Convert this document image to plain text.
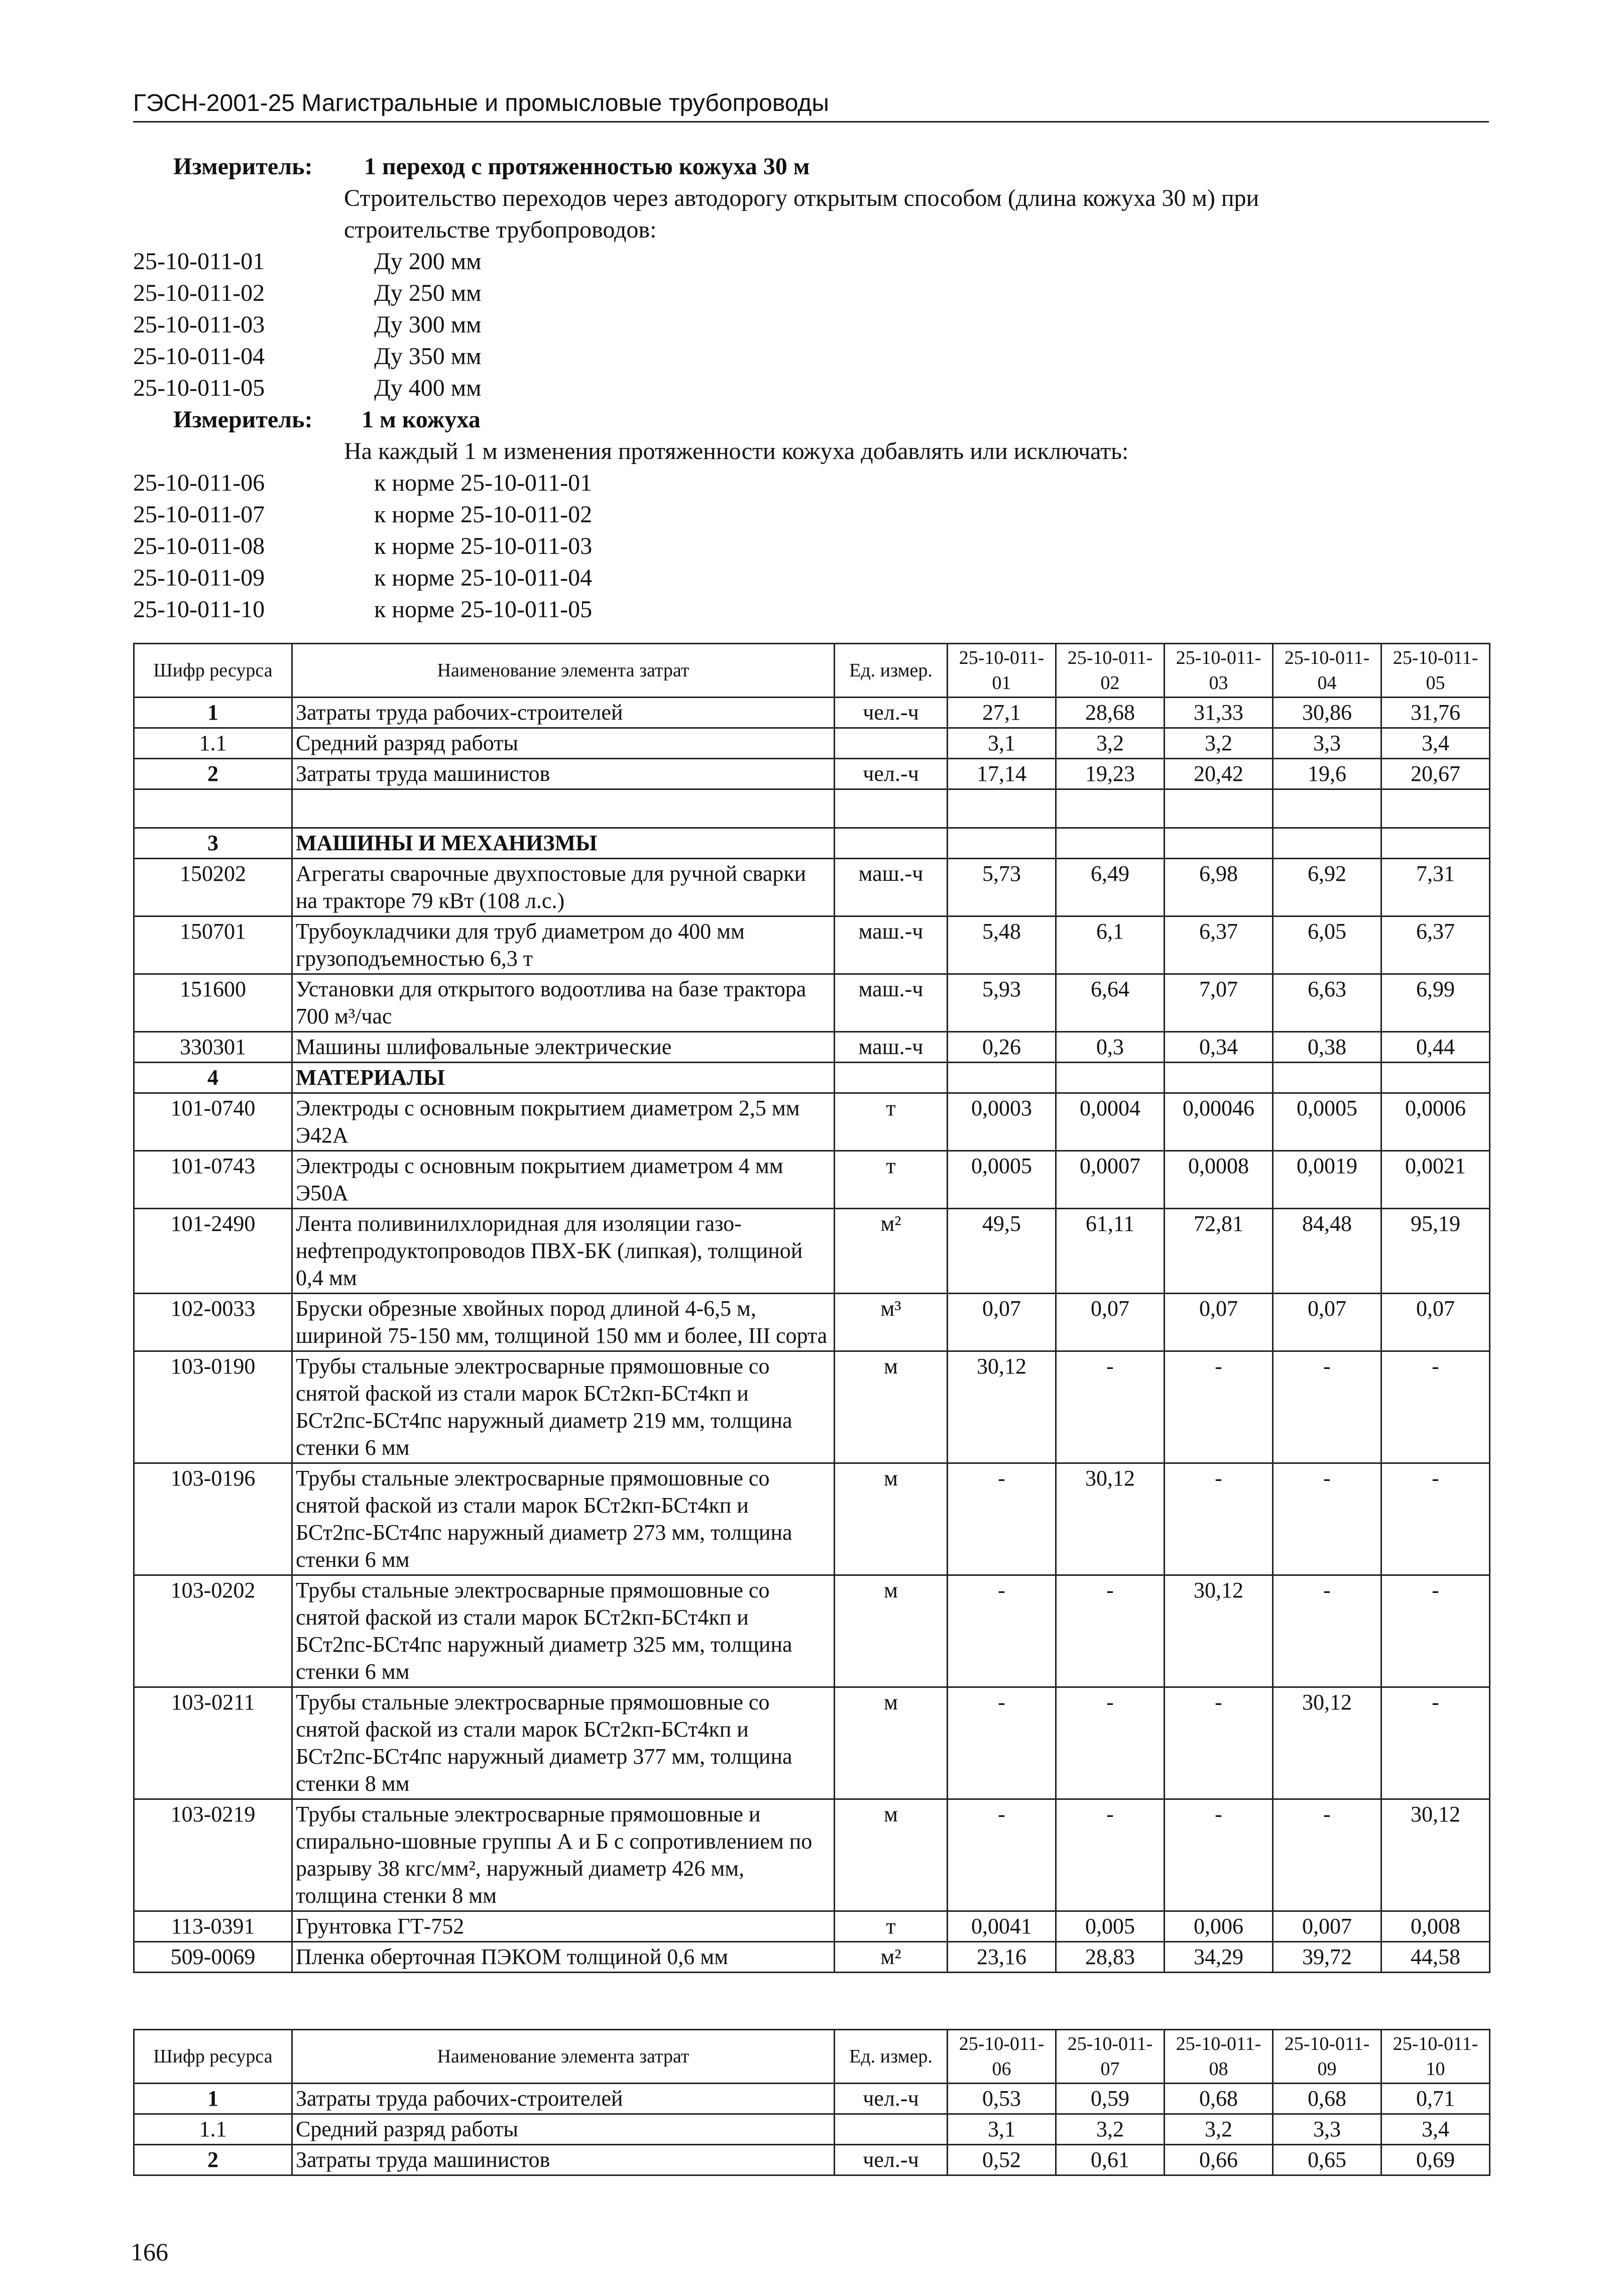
ГЭСН-2001-25 Магистральные и промысловые трубопроводы
Измеритель: 1 переход с протяженностью кожуха 30 м
Строительство переходов через автодорогу открытым способом (длина кожуха 30 м) при
строительстве трубопроводов:
25-10-011-01	Ду 200 мм
25-10-011-02	Ду 250 мм
25-10-011-03	Ду 300 мм
25-10-011-04	Ду 350 мм
25-10-011-05	Ду 400 мм
Измеритель: 1 м кожуха
На каждый 1 м изменения протяженности кожуха добавлять или исключать:
25-10-011-06	к норме 25-10-011-01
25-10-011-07	к норме 25-10-011-02
25-10-011-08	к норме 25-10-011-03
25-10-011-09	к норме 25-10-011-04
25-10-011-10	к норме 25-10-011-05
Шифр ресурса	Наименование элемента затрат	Ед. измер.	25-10-011-01	25-10-011-02	25-10-011-03	25-10-011-04	25-10-011-05
1	Затраты труда рабочих-строителей	чел.-ч	27,1	28,68	31,33	30,86	31,76
1.1	Средний разряд работы		3,1	3,2	3,2	3,3	3,4
2	Затраты труда машинистов	чел.-ч	17,14	19,23	20,42	19,6	20,67

3	МАШИНЫ И МЕХАНИЗМЫ						
150202	Агрегаты сварочные двухпостовые для ручной сварки на тракторе 79 кВт (108 л.с.)	маш.-ч	5,73	6,49	6,98	6,92	7,31
150701	Трубоукладчики для труб диаметром до 400 мм грузоподъемностью 6,3 т	маш.-ч	5,48	6,1	6,37	6,05	6,37
151600	Установки для открытого водоотлива на базе трактора 700 м³/час	маш.-ч	5,93	6,64	7,07	6,63	6,99
330301	Машины шлифовальные электрические	маш.-ч	0,26	0,3	0,34	0,38	0,44
4	МАТЕРИАЛЫ						
101-0740	Электроды с основным покрытием диаметром 2,5 мм Э42А	т	0,0003	0,0004	0,00046	0,0005	0,0006
101-0743	Электроды с основным покрытием диаметром 4 мм Э50А	т	0,0005	0,0007	0,0008	0,0019	0,0021
101-2490	Лента поливинилхлоридная для изоляции газо-нефтепродуктопроводов ПВХ-БК (липкая), толщиной 0,4 мм	м²	49,5	61,11	72,81	84,48	95,19
102-0033	Бруски обрезные хвойных пород длиной 4-6,5 м, шириной 75-150 мм, толщиной 150 мм и более, III сорта	м³	0,07	0,07	0,07	0,07	0,07
103-0190	Трубы стальные электросварные прямошовные со снятой фаской из стали марок БСт2кп-БСт4кп и БСт2пс-БСт4пс наружный диаметр 219 мм, толщина стенки 6 мм	м	30,12	-	-	-	-
103-0196	Трубы стальные электросварные прямошовные со снятой фаской из стали марок БСт2кп-БСт4кп и БСт2пс-БСт4пс наружный диаметр 273 мм, толщина стенки 6 мм	м	-	30,12	-	-	-
103-0202	Трубы стальные электросварные прямошовные со снятой фаской из стали марок БСт2кп-БСт4кп и БСт2пс-БСт4пс наружный диаметр 325 мм, толщина стенки 6 мм	м	-	-	30,12	-	-
103-0211	Трубы стальные электросварные прямошовные со снятой фаской из стали марок БСт2кп-БСт4кп и БСт2пс-БСт4пс наружный диаметр 377 мм, толщина стенки 8 мм	м	-	-	-	30,12	-
103-0219	Трубы стальные электросварные прямошовные и спирально-шовные группы А и Б с сопротивлением по разрыву 38 кгс/мм², наружный диаметр 426 мм, толщина стенки 8 мм	м	-	-	-	-	30,12
113-0391	Грунтовка ГТ-752	т	0,0041	0,005	0,006	0,007	0,008
509-0069	Пленка оберточная ПЭКОМ толщиной 0,6 мм	м²	23,16	28,83	34,29	39,72	44,58
Шифр ресурса	Наименование элемента затрат	Ед. измер.	25-10-011-06	25-10-011-07	25-10-011-08	25-10-011-09	25-10-011-10
1	Затраты труда рабочих-строителей	чел.-ч	0,53	0,59	0,68	0,68	0,71
1.1	Средний разряд работы		3,1	3,2	3,2	3,3	3,4
2	Затраты труда машинистов	чел.-ч	0,52	0,61	0,66	0,65	0,69
166
